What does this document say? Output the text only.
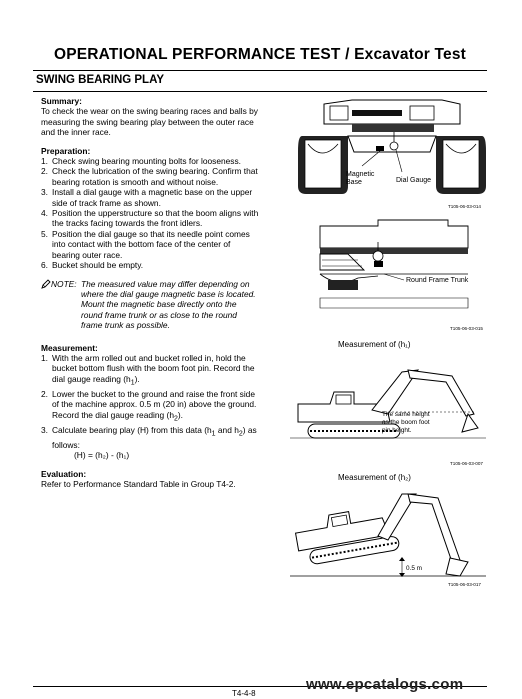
OPERATIONAL PERFORMANCE TEST / Excavator Test
SWING BEARING PLAY
Summary:

To check the wear on the swing bearing races and balls by measuring the swing bearing play between the outer race and the inner race.

Preparation:
1. Check swing bearing mounting bolts for looseness.
2. Check the lubrication of the swing bearing. Confirm that bearing rotation is smooth and without noise.
3. Install a dial gauge with a magnetic base on the upper side of track frame as shown.
4. Position the upperstructure so that the boom aligns with the tracks facing towards the front idlers.
5. Position the dial gauge so that its needle point comes into contact with the bottom face of the center of bearing outer race.
6. Bucket should be empty.
NOTE: The measured value may differ depending on where the dial gauge magnetic base is located. Mount the magnetic base directly onto the round frame trunk or as close to the round frame trunk as possible.
Measurement:
1. With the arm rolled out and bucket rolled in, hold the bucket bottom flush with the boom foot pin. Record the dial gauge reading $(h_1)$.
2. Lower the bucket to the ground and raise the front side of the machine approx. 0.5 m (20 in) above the ground. Record the dial gauge reading $(h_2)$.
3. Calculate bearing play (H) from this data ($h_1$ and $h_2$) as follows:
(H) = (h₂) - (h₁)
Evaluation:

Refer to Performance Standard Table in Group T4-2.

Magnetic
Base	Dial Gauge
T105-06-03-014
Round Frame Trunk
T105-06-03-015
Measurement of (h₁)
The same height
as the boom foot
pin height.
T105-06-03-007
Measurement of (h₂)
0.5 m
T105-06-03-017
T4-4-8
www.epcatalogs.com
